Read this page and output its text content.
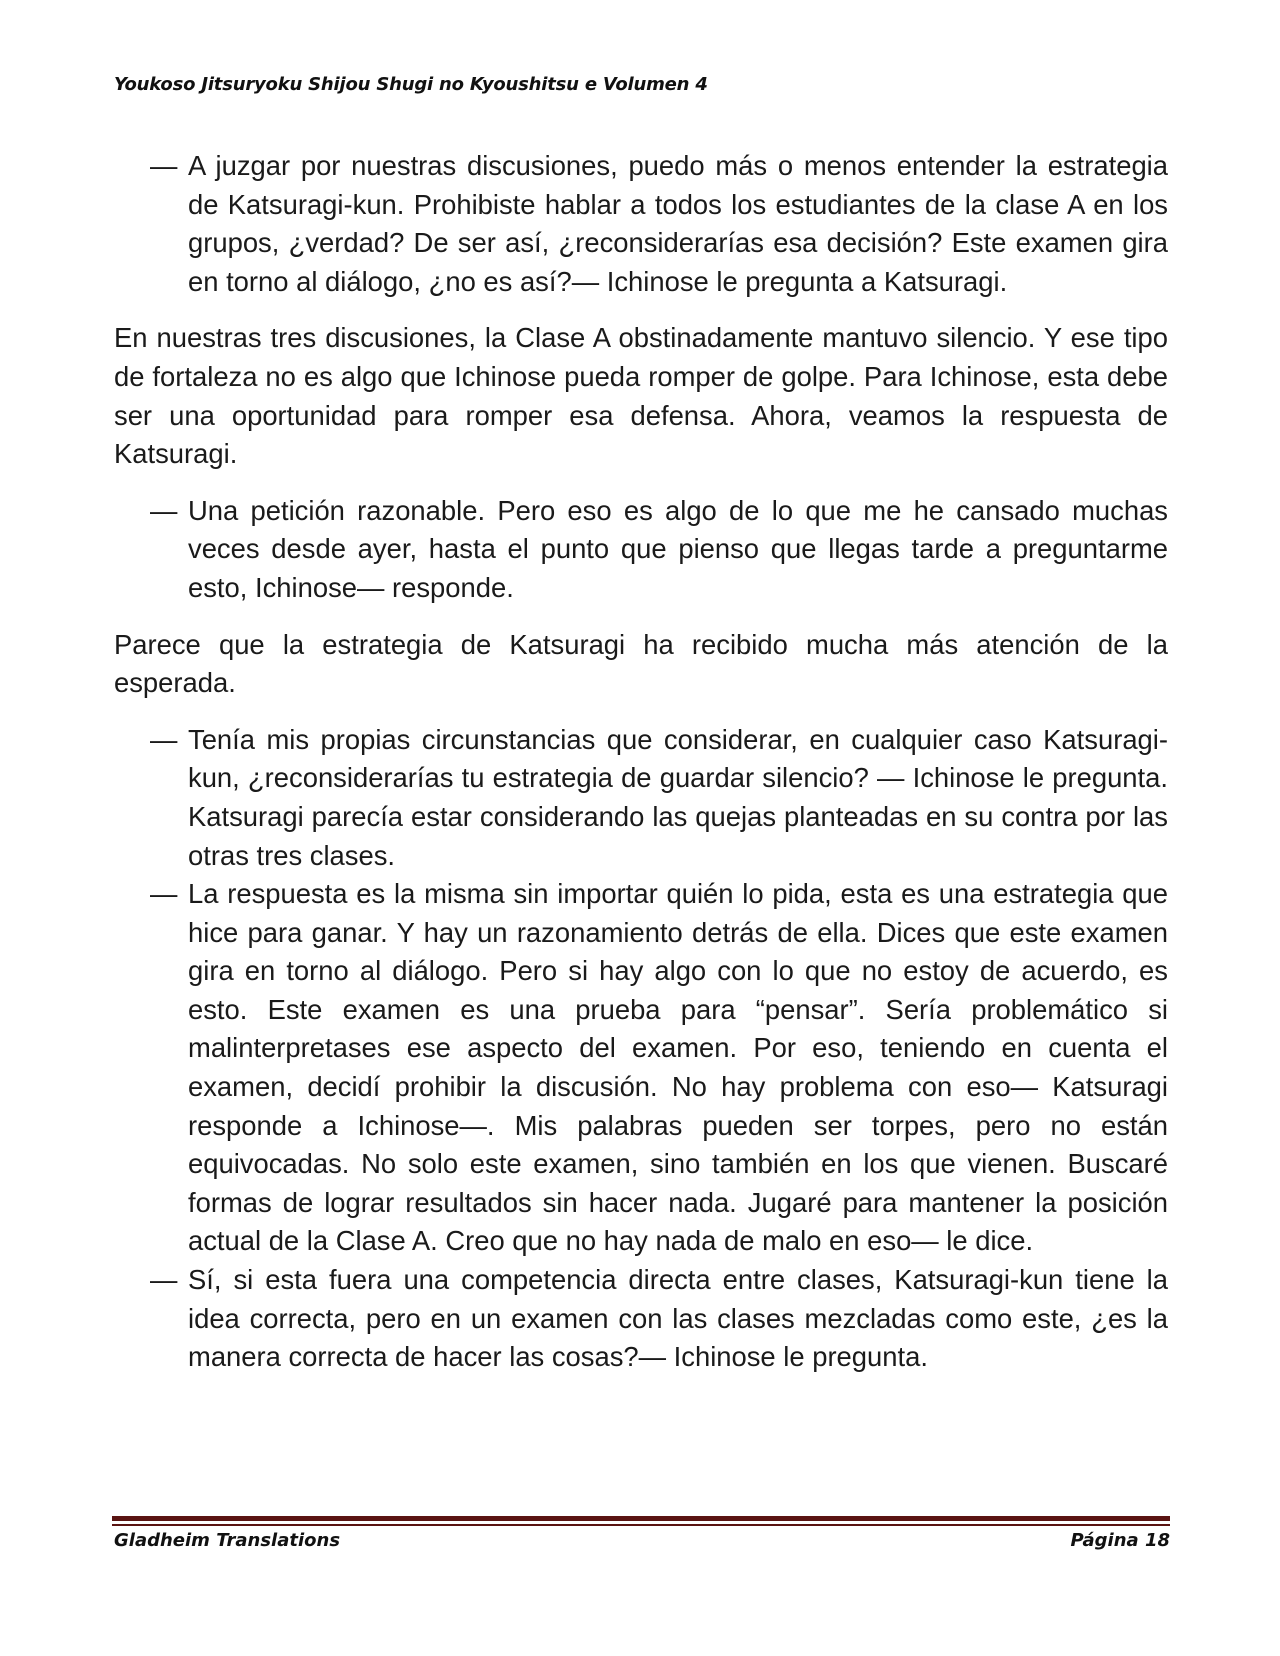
Youkoso Jitsuryoku Shijou Shugi no Kyoushitsu e Volumen 4
— A juzgar por nuestras discusiones, puedo más o menos entender la estrategia de Katsuragi-kun. Prohibiste hablar a todos los estudiantes de la clase A en los grupos, ¿verdad? De ser así, ¿reconsiderarías esa decisión? Este examen gira en torno al diálogo, ¿no es así?— Ichinose le pregunta a Katsuragi.

En nuestras tres discusiones, la Clase A obstinadamente mantuvo silencio. Y ese tipo de fortaleza no es algo que Ichinose pueda romper de golpe. Para Ichinose, esta debe ser una oportunidad para romper esa defensa. Ahora, veamos la respuesta de Katsuragi.

— Una petición razonable. Pero eso es algo de lo que me he cansado muchas veces desde ayer, hasta el punto que pienso que llegas tarde a preguntarme esto, Ichinose— responde.

Parece que la estrategia de Katsuragi ha recibido mucha más atención de la esperada.

— Tenía mis propias circunstancias que considerar, en cualquier caso Katsuragi-kun, ¿reconsiderarías tu estrategia de guardar silencio? — Ichinose le pregunta. Katsuragi parecía estar considerando las quejas planteadas en su contra por las otras tres clases.
— La respuesta es la misma sin importar quién lo pida, esta es una estrategia que hice para ganar. Y hay un razonamiento detrás de ella. Dices que este examen gira en torno al diálogo. Pero si hay algo con lo que no estoy de acuerdo, es esto. Este examen es una prueba para “pensar”. Sería problemático si malinterpretases ese aspecto del examen. Por eso, teniendo en cuenta el examen, decidí prohibir la discusión. No hay problema con eso— Katsuragi responde a Ichinose—. Mis palabras pueden ser torpes, pero no están equivocadas. No solo este examen, sino también en los que vienen. Buscaré formas de lograr resultados sin hacer nada. Jugaré para mantener la posición actual de la Clase A. Creo que no hay nada de malo en eso— le dice.
— Sí, si esta fuera una competencia directa entre clases, Katsuragi-kun tiene la idea correcta, pero en un examen con las clases mezcladas como este, ¿es la manera correcta de hacer las cosas?— Ichinose le pregunta.
Gladheim Translations	Página 18
